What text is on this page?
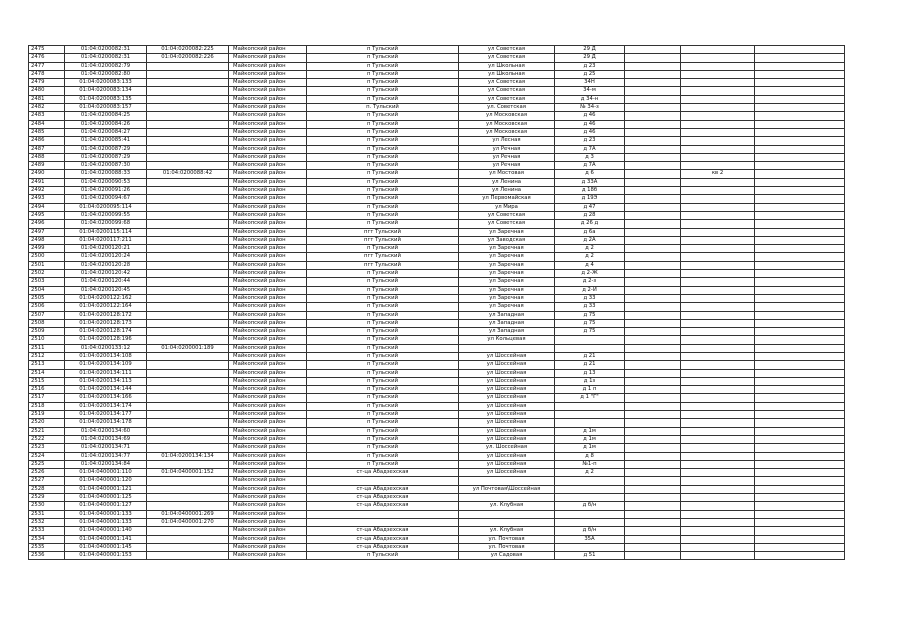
2475	01:04:0200082:31	01:04:0200082:225	Майкопский район	п Тульский	ул Советская	29 Д			
2476	01:04:0200082:31	01:04:0200082:226	Майкопский район	п Тульский	ул Советская	29 Д			
2477	01:04:0200082:79		Майкопский район	п Тульский	ул Школьная	д 23			
2478	01:04:0200082:80		Майкопский район	п Тульский	ул Школьная	д 25			
2479	01:04:0200083:133		Майкопский район	п Тульский	ул Советская	34Н			
2480	01:04:0200083:134		Майкопский район	п Тульский	ул Советская	34-м			
2481	01:04:0200083:135		Майкопский район	п Тульский	ул Советская	д 34-н			
2482	01:04:0200083:157		Майкопский район	п. Тульский	ул. Советская	№ 34-з			
2483	01:04:0200084:25		Майкопский район	п Тульский	ул Московская	д 46			
2484	01:04:0200084:26		Майкопский район	п Тульский	ул Московская	д 46			
2485	01:04:0200084:27		Майкопский район	п Тульский	ул Московская	д 46			
2486	01:04:0200085:41		Майкопский район	п Тульский	ул Лесная	д 23			
2487	01:04:0200087:29		Майкопский район	п Тульский	ул Речная	д 7А			
2488	01:04:0200087:29		Майкопский район	п Тульский	ул Речная	д 3			
2489	01:04:0200087:30		Майкопский район	п Тульский	ул Речная	д 7А			
2490	01:04:0200088:33	01:04:0200088:42	Майкопский район	п Тульский	ул Мостовая	д 6		кв 2	
2491	01:04:0200090:53		Майкопский район	п Тульский	ул Ленина	д 33А			
2492	01:04:0200091:26		Майкопский район	п Тульский	ул Ленина	д 18б			
2493	01:04:0200094:67		Майкопский район	п Тульский	ул Первомайская	д 19Э			
2494	01:04:0200095:114		Майкопский район	п Тульский	ул Мира	д 47			
2495	01:04:0200099:55		Майкопский район	п Тульский	ул Советская	д 28			
2496	01:04:0200099:68		Майкопский район	п Тульский	ул Советская	д 26 д			
2497	01:04:0200115:114		Майкопский район	пгт Тульский	ул Заречная	д 6а			
2498	01:04:0200117:211		Майкопский район	пгт Тульский	ул Заводская	д 2А			
2499	01:04:0200120:21		Майкопский район	п Тульский	ул Заречная	д 2			
2500	01:04:0200120:24		Майкопский район	пгт Тульский	ул Заречная	д 2			
2501	01:04:0200120:28		Майкопский район	пгт Тульский	ул Заречная	д 4			
2502	01:04:0200120:42		Майкопский район	п Тульский	ул Заречная	д 2-Ж			
2503	01:04:0200120:44		Майкопский район	п Тульский	ул Заречная	д 2-з			
2504	01:04:0200120:45		Майкопский район	п Тульский	ул Заречная	д 2-И			
2505	01:04:0200122:162		Майкопский район	п Тульский	ул Заречная	д 33			
2506	01:04:0200122:164		Майкопский район	п Тульский	ул Заречная	д 33			
2507	01:04:0200128:172		Майкопский район	п Тульский	ул Западная	д 75			
2508	01:04:0200128:173		Майкопский район	п Тульский	ул Западная	д 75			
2509	01:04:0200128:174		Майкопский район	п Тульский	ул Западная	д 75			
2510	01:04:0200128:196		Майкопский район	п Тульский	ул Кольцевая				
2511	01:04:0200133:12	01:04:0200001:189	Майкопский район	п Тульский					
2512	01:04:0200134:108		Майкопский район	п Тульский	ул Шоссейная	д 21			
2513	01:04:0200134:109		Майкопский район	п Тульский	ул Шоссейная	д 21			
2514	01:04:0200134:111		Майкопский район	п Тульский	ул Шоссейная	д 13			
2515	01:04:0200134:113		Майкопский район	п Тульский	ул Шоссейная	д 1з			
2516	01:04:0200134:144		Майкопский район	п Тульский	ул Шоссейная	д 1 п			
2517	01:04:0200134:166		Майкопский район	п Тульский	ул Шоссейная	д 1 "Г"			
2518	01:04:0200134:174		Майкопский район	п Тульский	ул Шоссейная				
2519	01:04:0200134:177		Майкопский район	п Тульский	ул Шоссейная				
2520	01:04:0200134:178		Майкопский район	п Тульский	ул Шоссейная				
2521	01:04:0200134:60		Майкопский район	п Тульский	ул Шоссейная	д 1м			
2522	01:04:0200134:69		Майкопский район	п Тульский	ул Шоссейная	д 1м			
2523	01:04:0200134:71		Майкопский район	п Тульский	ул. Шоссейная	д 1м			
2524	01:04:0200134:77	01:04:0200134:134	Майкопский район	п Тульский	ул Шоссейная	д 8			
2525	01:04:0200134:84		Майкопский район	п Тульский	ул Шоссейная	№1-п			
2526	01:04:0400001:110	01:04:0400001:152	Майкопский район	ст-ца Абадзехская	ул Шоссейная	д 2			
2527	01:04:0400001:120		Майкопский район						
2528	01:04:0400001:121		Майкопский район	ст-ца Абадзехская	ул Почтовая\Шоссейная				
2529	01:04:0400001:125		Майкопский район	ст-ца Абадзехская					
2530	01:04:0400001:127		Майкопский район	ст-ца Абадзехская	ул. Клубная	д б/н			
2531	01:04:0400001:133	01:04:0400001:269	Майкопский район						
2532	01:04:0400001:133	01:04:0400001:270	Майкопский район						
2533	01:04:0400001:140		Майкопский район	ст-ца Абадзехская	ул. Клубная	д б/н			
2534	01:04:0400001:141		Майкопский район	ст-ца Абадзехская	ул. Почтовая	35А			
2535	01:04:0400001:145		Майкопский район	ст-ца Абадзехская	ул. Почтовая				
2536	01:04:0400001:153		Майкопский район	п Тульский	ул Садовая	д 51			
